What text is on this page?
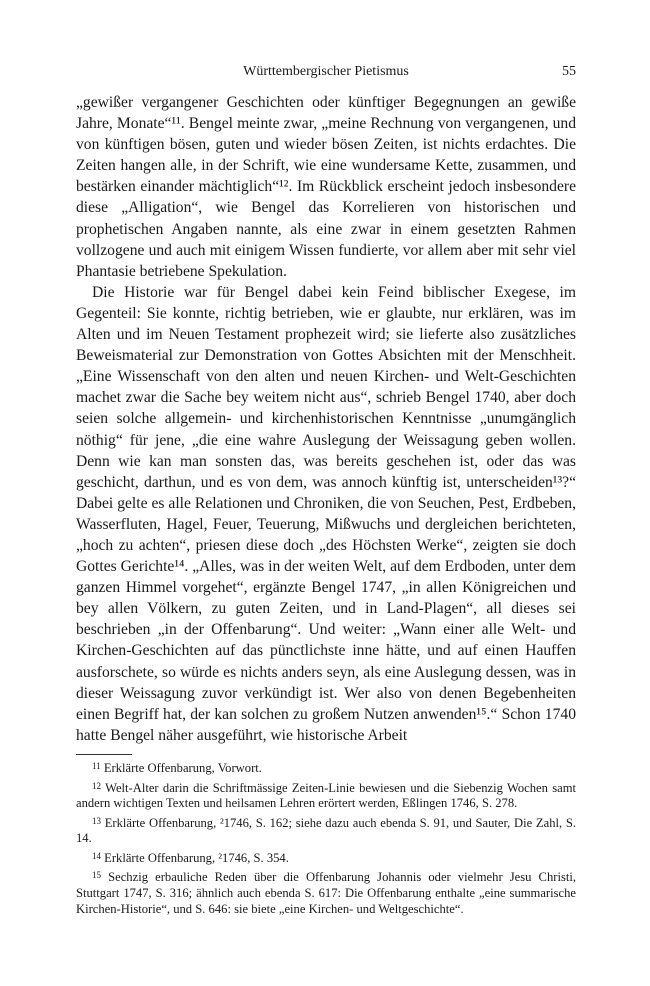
Württembergischer Pietismus	55

„gewißer vergangener Geschichten oder künftiger Begegnungen an gewiße Jahre, Monate“¹¹. Bengel meinte zwar, „meine Rechnung von vergangenen, und von künftigen bösen, guten und wieder bösen Zeiten, ist nichts erdachtes. Die Zeiten hangen alle, in der Schrift, wie eine wundersame Kette, zusammen, und bestärken einander mächtiglich“¹². Im Rückblick erscheint jedoch insbesondere diese „Alligation“, wie Bengel das Korrelieren von historischen und prophetischen Angaben nannte, als eine zwar in einem gesetzten Rahmen vollzogene und auch mit einigem Wissen fundierte, vor allem aber mit sehr viel Phantasie betriebene Spekulation.

Die Historie war für Bengel dabei kein Feind biblischer Exegese, im Gegenteil: Sie konnte, richtig betrieben, wie er glaubte, nur erklären, was im Alten und im Neuen Testament prophezeit wird; sie lieferte also zusätzliches Beweismaterial zur Demonstration von Gottes Absichten mit der Menschheit. „Eine Wissenschaft von den alten und neuen Kirchen- und Welt-Geschichten machet zwar die Sache bey weitem nicht aus“, schrieb Bengel 1740, aber doch seien solche allgemein- und kirchenhistorischen Kenntnisse „unumgänglich nöthig“ für jene, „die eine wahre Auslegung der Weissagung geben wollen. Denn wie kan man sonsten das, was bereits geschehen ist, oder das was geschicht, darthun, und es von dem, was annoch künftig ist, unterscheiden¹³?“ Dabei gelte es alle Relationen und Chroniken, die von Seuchen, Pest, Erdbeben, Wasserfluten, Hagel, Feuer, Teuerung, Mißwuchs und dergleichen berichteten, „hoch zu achten“, priesen diese doch „des Höchsten Werke“, zeigten sie doch Gottes Gerichte¹⁴. „Alles, was in der weiten Welt, auf dem Erdboden, unter dem ganzen Himmel vorgehet“, ergänzte Bengel 1747, „in allen Königreichen und bey allen Völkern, zu guten Zeiten, und in Land-Plagen“, all dieses sei beschrieben „in der Offenbarung“. Und weiter: „Wann einer alle Welt- und Kirchen-Geschichten auf das pünctlichste inne hätte, und auf einen Hauffen ausforschete, so würde es nichts anders seyn, als eine Auslegung dessen, was in dieser Weissagung zuvor verkündigt ist. Wer also von denen Begebenheiten einen Begriff hat, der kan solchen zu großem Nutzen anwenden¹⁵.“ Schon 1740 hatte Bengel näher ausgeführt, wie historische Arbeit

$^{11}$ Erklärte Offenbarung, Vorwort.

$^{12}$ Welt-Alter darin die Schriftmässige Zeiten-Linie bewiesen und die Siebenzig Wochen samt andern wichtigen Texten und heilsamen Lehren erörtert werden, Eßlingen 1746, S. 278.

$^{13}$ Erklärte Offenbarung, ²1746, S. 162; siehe dazu auch ebenda S. 91, und Sauter, Die Zahl, S. 14.

$^{14}$ Erklärte Offenbarung, ²1746, S. 354.

$^{15}$ Sechzig erbauliche Reden über die Offenbarung Johannis oder vielmehr Jesu Christi, Stuttgart 1747, S. 316; ähnlich auch ebenda S. 617: Die Offenbarung enthalte „eine summarische Kirchen-Historie“, und S. 646: sie biete „eine Kirchen- und Weltgeschichte“.
